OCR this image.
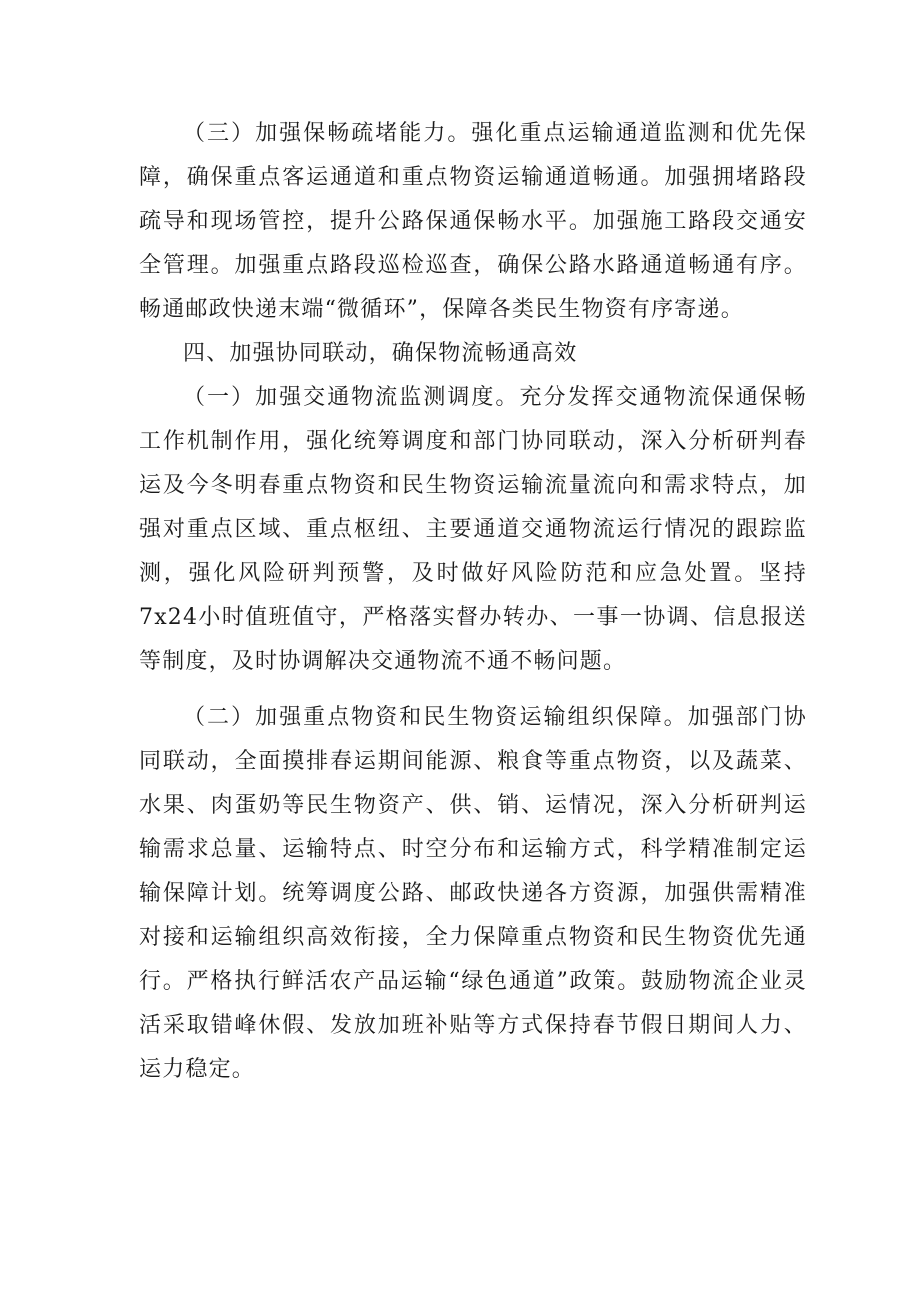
（三）加强保畅疏堵能力。强化重点运输通道监测和优先保障，确保重点客运通道和重点物资运输通道畅通。加强拥堵路段疏导和现场管控，提升公路保通保畅水平。加强施工路段交通安全管理。加强重点路段巡检巡查，确保公路水路通道畅通有序。畅通邮政快递末端“微循环”，保障各类民生物资有序寄递。

四、加强协同联动，确保物流畅通高效

（一）加强交通物流监测调度。充分发挥交通物流保通保畅工作机制作用，强化统筹调度和部门协同联动，深入分析研判春运及今冬明春重点物资和民生物资运输流量流向和需求特点，加强对重点区域、重点枢纽、主要通道交通物流运行情况的跟踪监测，强化风险研判预警，及时做好风险防范和应急处置。坚持7x24小时值班值守，严格落实督办转办、一事一协调、信息报送等制度，及时协调解决交通物流不通不畅问题。

（二）加强重点物资和民生物资运输组织保障。加强部门协同联动，全面摸排春运期间能源、粮食等重点物资，以及蔬菜、水果、肉蛋奶等民生物资产、供、销、运情况，深入分析研判运输需求总量、运输特点、时空分布和运输方式，科学精准制定运输保障计划。统筹调度公路、邮政快递各方资源，加强供需精准对接和运输组织高效衔接，全力保障重点物资和民生物资优先通行。严格执行鲜活农产品运输“绿色通道”政策。鼓励物流企业灵活采取错峰休假、发放加班补贴等方式保持春节假日期间人力、运力稳定。
